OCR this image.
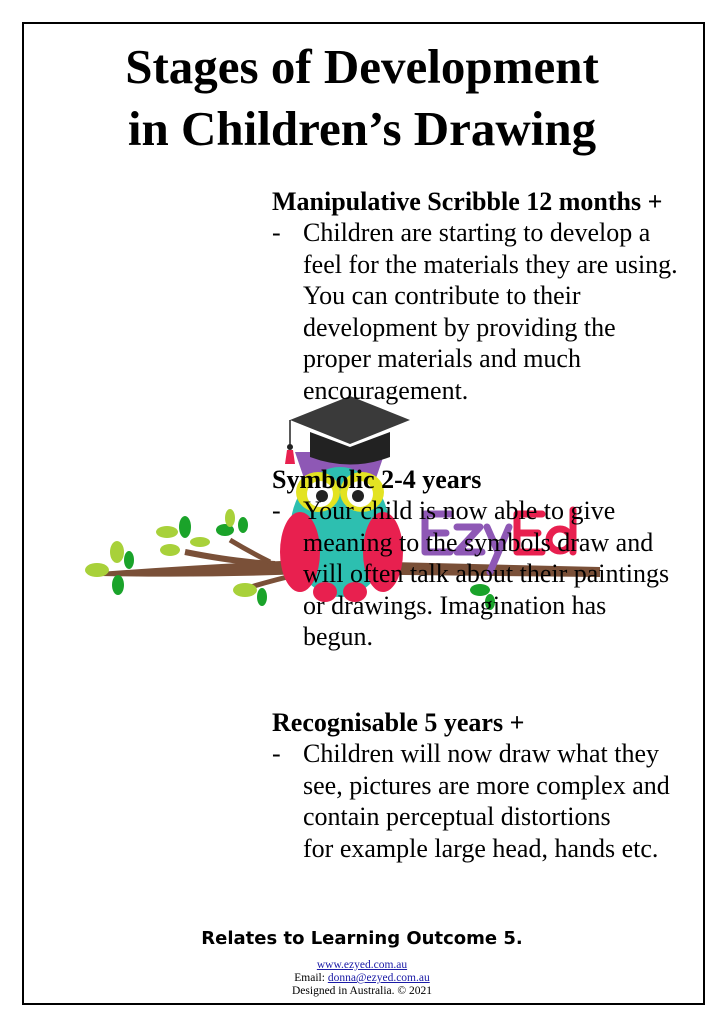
Stages of Development
in Children’s Drawing
Manipulative Scribble 12 months +
- Children are starting to develop a
feel for the materials they are using.
You can contribute to their
development by providing the
proper materials and much
encouragement.
Symbolic 2-4 years
- Your child is now able to give
meaning to the symbols draw and
will often talk about their paintings
or drawings. Imagination has
begun.
Recognisable 5 years +
- Children will now draw what they
see, pictures are more complex and
contain perceptual distortions
for example large head, hands etc.
Relates to Learning Outcome 5.
www.ezyed.com.au
Email: donna@ezyed.com.au
Designed in Australia. © 2021
